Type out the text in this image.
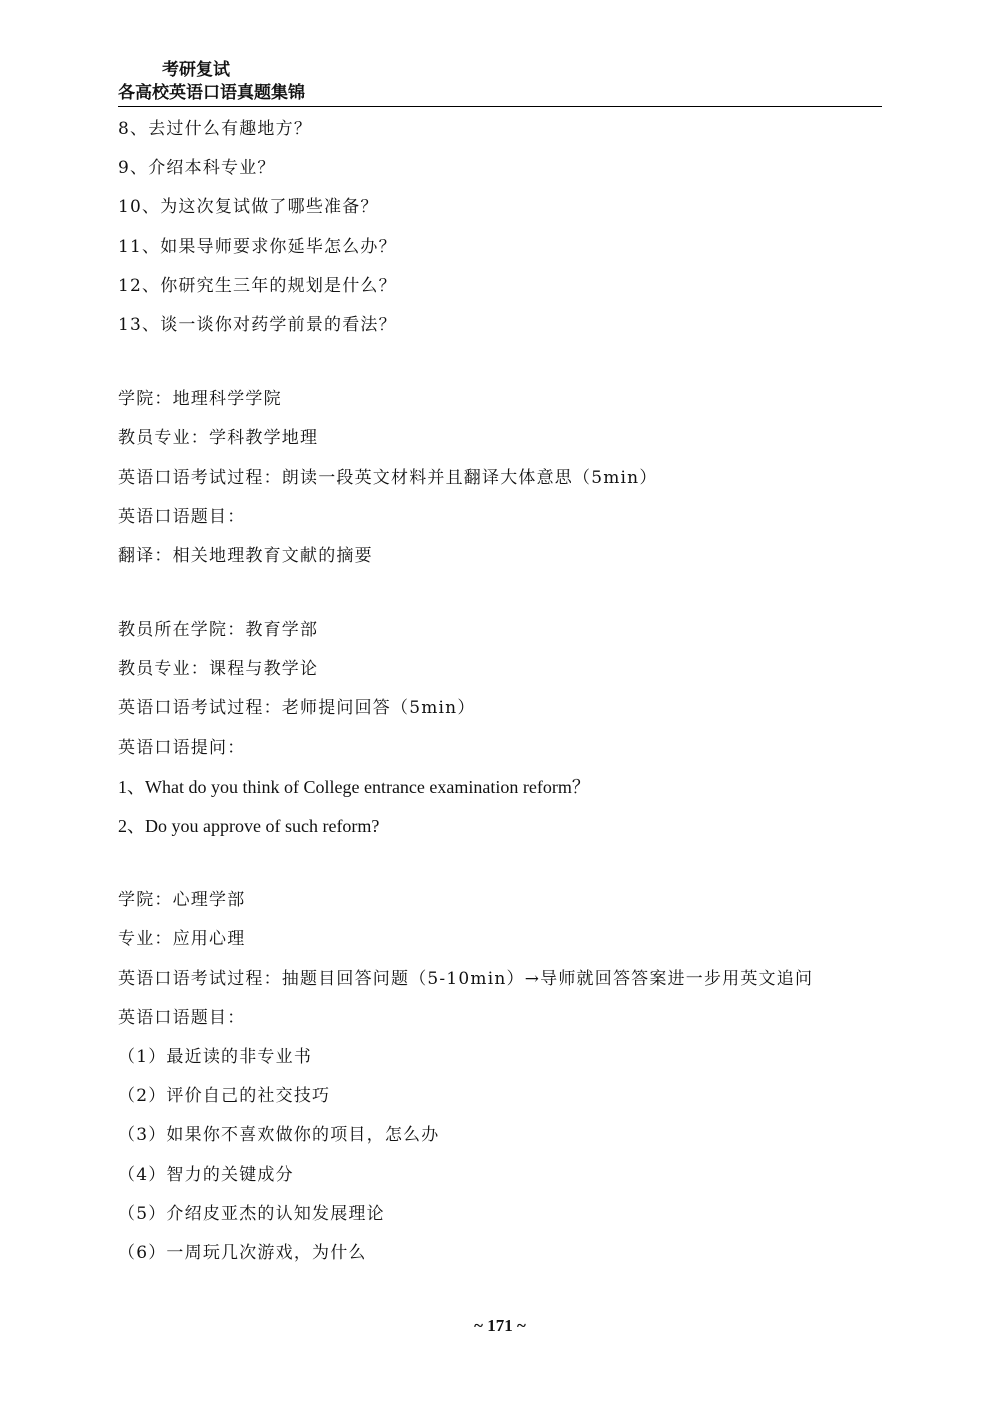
考研复试
各高校英语口语真题集锦
8、去过什么有趣地方？
9、介绍本科专业？
10、为这次复试做了哪些准备？
11、如果导师要求你延毕怎么办？
12、你研究生三年的规划是什么？
13、谈一谈你对药学前景的看法？
学院：地理科学学院
教员专业：学科教学地理
英语口语考试过程：朗读一段英文材料并且翻译大体意思（5min）
英语口语题目：
翻译：相关地理教育文献的摘要
教员所在学院：教育学部
教员专业：课程与教学论
英语口语考试过程：老师提问回答（5min）
英语口语提问：
1、What do you think of College entrance examination reform？
2、Do you approve of such reform?
学院：心理学部
专业：应用心理
英语口语考试过程：抽题目回答问题（5-10min）→导师就回答答案进一步用英文追问
英语口语题目：
（1）最近读的非专业书
（2）评价自己的社交技巧
（3）如果你不喜欢做你的项目，怎么办
（4）智力的关键成分
（5）介绍皮亚杰的认知发展理论
（6）一周玩几次游戏，为什么
~ 171 ~
